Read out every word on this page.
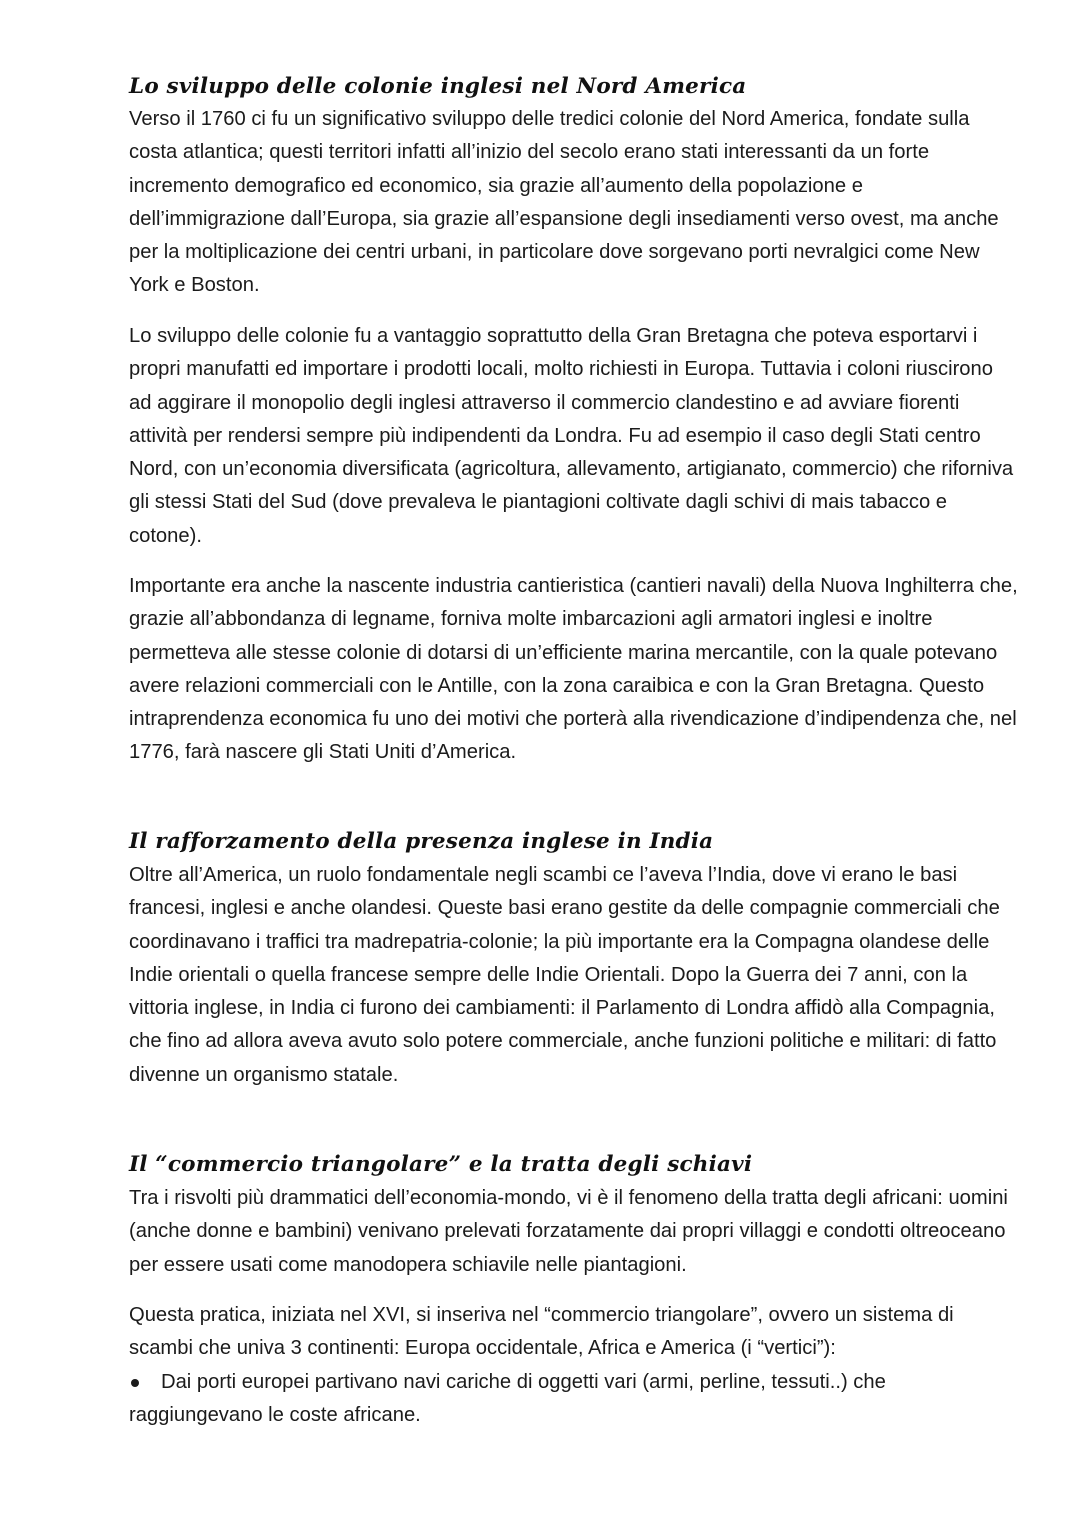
Lo sviluppo delle colonie inglesi nel Nord America

Verso il 1760 ci fu un significativo sviluppo delle tredici colonie del Nord America, fondate sulla costa atlantica; questi territori infatti all’inizio del secolo erano stati interessanti da un forte incremento demografico ed economico, sia grazie all’aumento della popolazione e dell’immigrazione dall’Europa, sia grazie all’espansione degli insediamenti verso ovest, ma anche per la moltiplicazione dei centri urbani, in particolare dove sorgevano porti nevralgici come New York e Boston.

Lo sviluppo delle colonie fu a vantaggio soprattutto della Gran Bretagna che poteva esportarvi i propri manufatti ed importare i prodotti locali, molto richiesti in Europa. Tuttavia i coloni riuscirono ad aggirare il monopolio degli inglesi attraverso il commercio clandestino e ad avviare fiorenti attività per rendersi sempre più indipendenti da Londra. Fu ad esempio il caso degli Stati centro Nord, con un’economia diversificata (agricoltura, allevamento, artigianato, commercio) che riforniva gli stessi Stati del Sud (dove prevaleva le piantagioni coltivate dagli schivi di mais tabacco e cotone).

Importante era anche la nascente industria cantieristica (cantieri navali) della Nuova Inghilterra che, grazie all’abbondanza di legname, forniva molte imbarcazioni agli armatori inglesi e inoltre permetteva alle stesse colonie di dotarsi di un’efficiente marina mercantile, con la quale potevano avere relazioni commerciali con le Antille, con la zona caraibica e con la Gran Bretagna. Questo intraprendenza economica fu uno dei motivi che porterà alla rivendicazione d’indipendenza che, nel 1776, farà nascere gli Stati Uniti d’America.

Il rafforzamento della presenza inglese in India

Oltre all’America, un ruolo fondamentale negli scambi ce l’aveva l’India, dove vi erano le basi francesi, inglesi e anche olandesi. Queste basi erano gestite da delle compagnie commerciali che coordinavano i traffici tra madrepatria-colonie; la più importante era la Compagna olandese delle Indie orientali o quella francese sempre delle Indie Orientali. Dopo la Guerra dei 7 anni, con la vittoria inglese, in India ci furono dei cambiamenti: il Parlamento di Londra affidò alla Compagnia, che fino ad allora aveva avuto solo potere commerciale, anche funzioni politiche e militari: di fatto divenne un organismo statale.

Il “commercio triangolare” e la tratta degli schiavi

Tra i risvolti più drammatici dell’economia-mondo, vi è il fenomeno della tratta degli africani: uomini (anche donne e bambini) venivano prelevati forzatamente dai propri villaggi e condotti oltreoceano per essere usati come manodopera schiavile nelle piantagioni.

Questa pratica, iniziata nel XVI, si inseriva nel “commercio triangolare”, ovvero un sistema di scambi che univa 3 continenti: Europa occidentale, Africa e America (i “vertici”):

Dai porti europei partivano navi cariche di oggetti vari (armi, perline, tessuti..) che
raggiungevano le coste africane.
